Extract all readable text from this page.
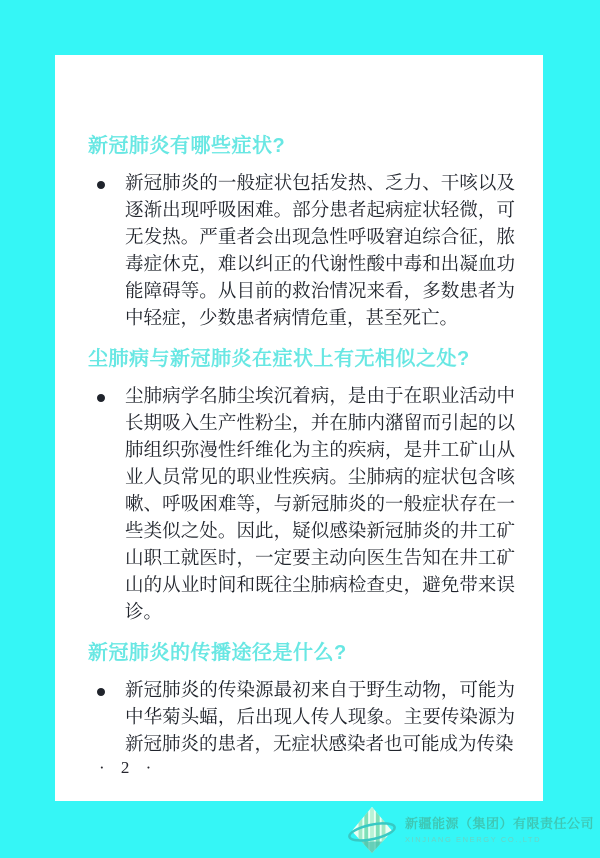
新冠肺炎有哪些症状?
新冠肺炎的一般症状包括发热、乏力、干咳以及逐渐出现呼吸困难。部分患者起病症状轻微，可无发热。严重者会出现急性呼吸窘迫综合征，脓毒症休克，难以纠正的代谢性酸中毒和出凝血功能障碍等。从目前的救治情况来看，多数患者为中轻症，少数患者病情危重，甚至死亡。
尘肺病与新冠肺炎在症状上有无相似之处?
尘肺病学名肺尘埃沉着病，是由于在职业活动中长期吸入生产性粉尘，并在肺内潴留而引起的以肺组织弥漫性纤维化为主的疾病，是井工矿山从业人员常见的职业性疾病。尘肺病的症状包含咳嗽、呼吸困难等，与新冠肺炎的一般症状存在一些类似之处。因此，疑似感染新冠肺炎的井工矿山职工就医时，一定要主动向医生告知在井工矿山的从业时间和既往尘肺病检查史，避免带来误诊。
新冠肺炎的传播途径是什么?
新冠肺炎的传染源最初来自于野生动物，可能为中华菊头蝠，后出现人传人现象。主要传染源为新冠肺炎的患者，无症状感染者也可能成为传染
· 2 ·
新疆能源（集团）有限责任公司
XINJIANG ENERGY CO.,LTD
